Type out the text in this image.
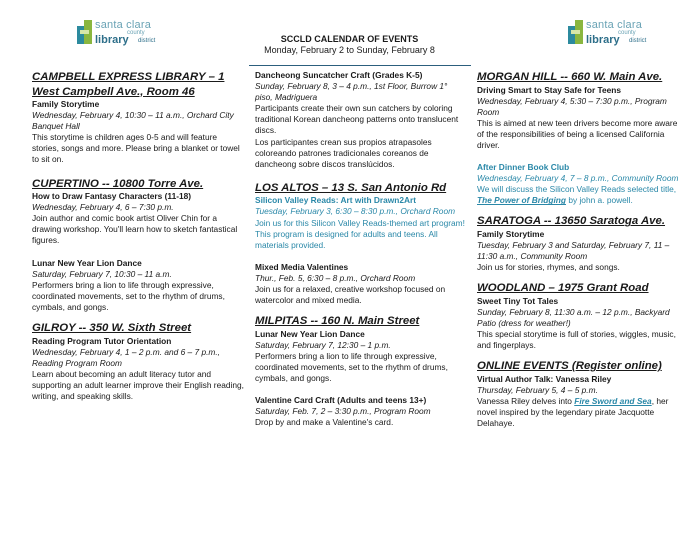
santa clara
county
library district
santa clara
county
library district
SCCLD CALENDAR OF EVENTS
Monday, February 2 to Sunday, February 8
CAMPBELL EXPRESS LIBRARY – 1 West Campbell Ave., Room 46
Family Storytime
Wednesday, February 4, 10:30 – 11 a.m., Orchard City Banquet Hall
This storytime is children ages 0-5 and will feature stories, songs and more. Please bring a blanket or towel to sit on.
CUPERTINO -- 10800 Torre Ave.
How to Draw Fantasy Characters (11-18)
Wednesday, February 4, 6 – 7:30 p.m.
Join author and comic book artist Oliver Chin for a drawing workshop. You'll learn how to sketch fantastical figures.
Lunar New Year Lion Dance
Saturday, February 7, 10:30 – 11 a.m.
Performers bring a lion to life through expressive, coordinated movements, set to the rhythm of drums, cymbals, and gongs.
GILROY -- 350 W. Sixth Street
Reading Program Tutor Orientation
Wednesday, February 4, 1 – 2 p.m. and 6 – 7 p.m., Reading Program Room
Learn about becoming an adult literacy tutor and supporting an adult learner improve their English reading, writing, and speaking skills.
Dancheong Suncatcher Craft (Grades K-5)
Sunday, February 8, 3 – 4 p.m., 1st Floor, Burrow 1° piso, Madriguera
Participants create their own sun catchers by coloring traditional Korean dancheong patterns onto translucent discs.
Los participantes crean sus propios atrapasoles coloreando patrones tradicionales coreanos de dancheong sobre discos translúcidos.
LOS ALTOS – 13 S. San Antonio Rd
Silicon Valley Reads: Art with Drawn2Art
Tuesday, February 3, 6:30 – 8:30 p.m., Orchard Room
Join us for this Silicon Valley Reads-themed art program! This program is designed for adults and teens. All materials provided.
Mixed Media Valentines
Thur., Feb. 5, 6:30 – 8 p.m., Orchard Room
Join us for a relaxed, creative workshop focused on watercolor and mixed media.
MILPITAS -- 160 N. Main Street
Lunar New Year Lion Dance
Saturday, February 7, 12:30 – 1 p.m.
Performers bring a lion to life through expressive, coordinated movements, set to the rhythm of drums, cymbals, and gongs.
Valentine Card Craft (Adults and teens 13+)
Saturday, Feb. 7, 2 – 3:30 p.m., Program Room
Drop by and make a Valentine's card.
MORGAN HILL -- 660 W. Main Ave.
Driving Smart to Stay Safe for Teens
Wednesday, February 4, 5:30 – 7:30 p.m., Program Room
This is aimed at new teen drivers become more aware of the responsibilities of being a licensed California driver.
After Dinner Book Club
Wednesday, February 4, 7 – 8 p.m., Community Room
We will discuss the Silicon Valley Reads selected title, The Power of Bridging by john a. powell.
SARATOGA -- 13650 Saratoga Ave.
Family Storytime
Tuesday, February 3 and Saturday, February 7, 11 – 11:30 a.m., Community Room
Join us for stories, rhymes, and songs.
WOODLAND – 1975 Grant Road
Sweet Tiny Tot Tales
Sunday, February 8, 11:30 a.m. – 12 p.m., Backyard Patio (dress for weather!)
This special storytime is full of stories, wiggles, music, and fingerplays.
ONLINE EVENTS (Register online)
Virtual Author Talk: Vanessa Riley
Thursday, February 5, 4 – 5 p.m.
Vanessa Riley delves into Fire Sword and Sea, her novel inspired by the legendary pirate Jacquotte Delahaye.
